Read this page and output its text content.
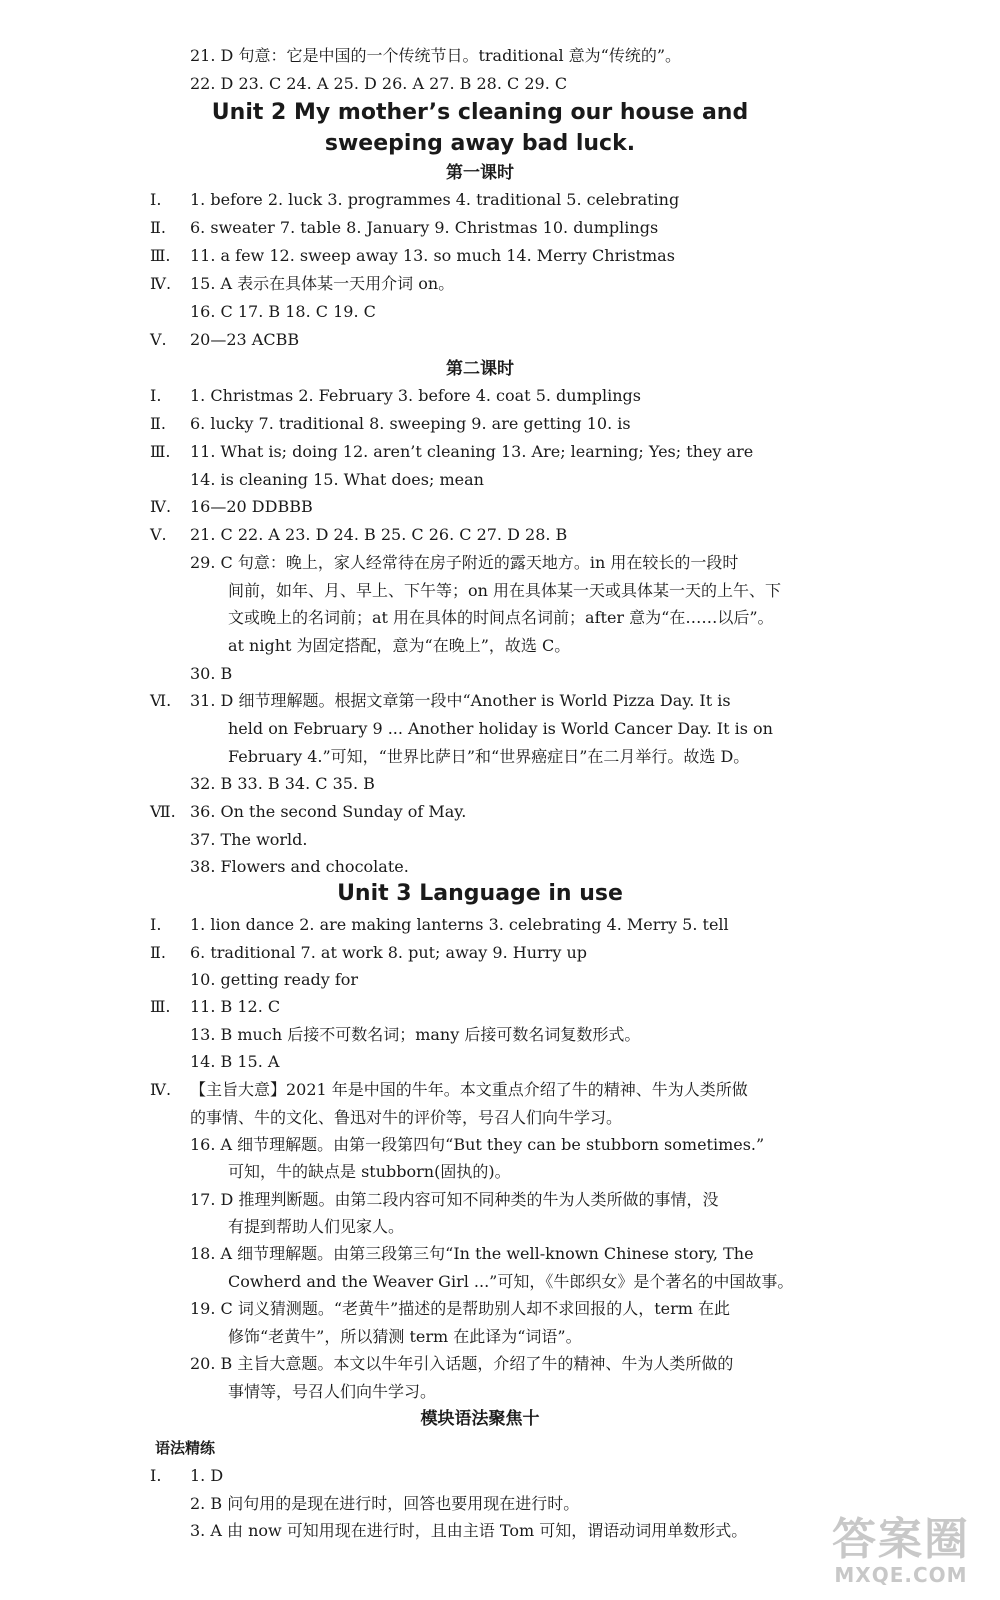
21. D 句意：它是中国的一个传统节日。traditional 意为“传统的”。
22. D 23. C 24. A 25. D 26. A 27. B 28. C 29. C
Ⅰ.	1. before 2. luck 3. programmes 4. traditional 5. celebrating
Ⅱ.	6. sweater 7. table 8. January 9. Christmas 10. dumplings
Ⅲ.	11. a few 12. sweep away 13. so much 14. Merry Christmas
Ⅳ.	15. A 表示在具体某一天用介词 on。
16. C 17. B 18. C 19. C
Ⅴ.	20—23 ACBB
Ⅰ.	1. Christmas 2. February 3. before 4. coat 5. dumplings
Ⅱ.	6. lucky 7. traditional 8. sweeping 9. are getting 10. is
Ⅲ.	11. What is; doing 12. aren’t cleaning 13. Are; learning; Yes; they are
14. is cleaning 15. What does; mean
Ⅳ.	16—20 DDBBB
Ⅴ.	21. C 22. A 23. D 24. B 25. C 26. C 27. D 28. B
29. C 句意：晚上，家人经常待在房子附近的露天地方。in 用在较长的一段时
间前，如年、月、早上、下午等；on 用在具体某一天或具体某一天的上午、下
文或晚上的名词前；at 用在具体的时间点名词前；after 意为“在……以后”。
at night 为固定搭配，意为“在晚上”，故选 C。
30. B
Ⅵ.	31. D 细节理解题。根据文章第一段中“Another is World Pizza Day. It is
held on February 9 ... Another holiday is World Cancer Day. It is on
February 4.”可知，“世界比萨日”和“世界癌症日”在二月举行。故选 D。
32. B 33. B 34. C 35. B
Ⅶ. 36. On the second Sunday of May.
37. The world.
38. Flowers and chocolate.
Ⅰ.	1. lion dance 2. are making lanterns 3. celebrating 4. Merry 5. tell
Ⅱ.	6. traditional 7. at work 8. put; away 9. Hurry up
10. getting ready for
Ⅲ.	11. B 12. C
13. B much 后接不可数名词；many 后接可数名词复数形式。
14. B 15. A
Ⅳ.	【主旨大意】2021 年是中国的牛年。本文重点介绍了牛的精神、牛为人类所做
的事情、牛的文化、鲁迅对牛的评价等，号召人们向牛学习。
16. A 细节理解题。由第一段第四句“But they can be stubborn sometimes.”
可知，牛的缺点是 stubborn(固执的)。
17. D 推理判断题。由第二段内容可知不同种类的牛为人类所做的事情，没
有提到帮助人们见家人。
18. A 细节理解题。由第三段第三句“In the well-known Chinese story, The
Cowherd and the Weaver Girl ...”可知，《牛郎织女》是个著名的中国故事。
19. C 词义猜测题。“老黄牛”描述的是帮助别人却不求回报的人，term 在此
修饰“老黄牛”，所以猜测 term 在此译为“词语”。
20. B 主旨大意题。本文以牛年引入话题，介绍了牛的精神、牛为人类所做的
事情等，号召人们向牛学习。
Ⅰ.	1. D
2. B 问句用的是现在进行时，回答也要用现在进行时。
3. A 由 now 可知用现在进行时，且由主语 Tom 可知，谓语动词用单数形式。
Unit 2 My mother’s cleaning our house and
sweeping away bad luck.
第一课时
第二课时
Unit 3 Language in use
模块语法聚焦十
语法精练
答案圈
MXQE.COM
